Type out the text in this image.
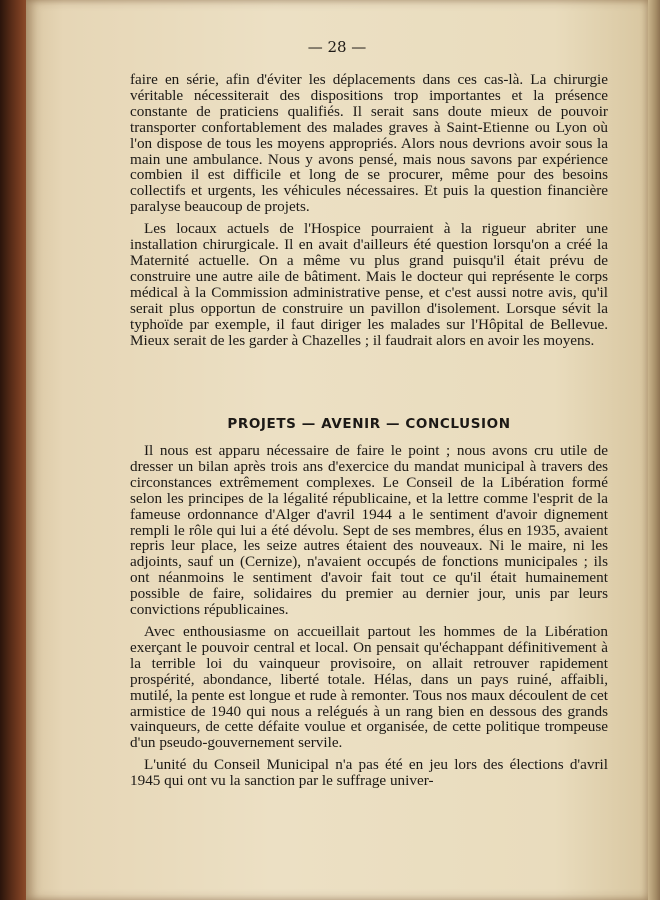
— 28 —

faire en série, afin d'éviter les déplacements dans ces cas-là. La chirurgie véritable nécessiterait des dispositions trop importantes et la présence constante de praticiens qualifiés. Il serait sans doute mieux de pouvoir transporter confortablement des malades graves à Saint-Etienne ou Lyon où l'on dispose de tous les moyens appropriés. Alors nous devrions avoir sous la main une ambulance. Nous y avons pensé, mais nous savons par expérience combien il est difficile et long de se procurer, même pour des besoins collectifs et urgents, les véhicules nécessaires. Et puis la question financière paralyse beaucoup de projets.

Les locaux actuels de l'Hospice pourraient à la rigueur abriter une installation chirurgicale. Il en avait d'ailleurs été question lorsqu'on a créé la Maternité actuelle. On a même vu plus grand puisqu'il était prévu de construire une autre aile de bâtiment. Mais le docteur qui représente le corps médical à la Commission administrative pense, et c'est aussi notre avis, qu'il serait plus opportun de construire un pavillon d'isolement. Lorsque sévit la typhoïde par exemple, il faut diriger les malades sur l'Hôpital de Bellevue. Mieux serait de les garder à Chazelles ; il faudrait alors en avoir les moyens.

PROJETS — AVENIR — CONCLUSION

Il nous est apparu nécessaire de faire le point ; nous avons cru utile de dresser un bilan après trois ans d'exercice du mandat municipal à travers des circonstances extrêmement complexes. Le Conseil de la Libération formé selon les principes de la légalité républicaine, et la lettre comme l'esprit de la fameuse ordonnance d'Alger d'avril 1944 a le sentiment d'avoir dignement rempli le rôle qui lui a été dévolu. Sept de ses membres, élus en 1935, avaient repris leur place, les seize autres étaient des nouveaux. Ni le maire, ni les adjoints, sauf un (Cernize), n'avaient occupés de fonctions municipales ; ils ont néanmoins le sentiment d'avoir fait tout ce qu'il était humainement possible de faire, solidaires du premier au dernier jour, unis par leurs convictions républicaines.

Avec enthousiasme on accueillait partout les hommes de la Libération exerçant le pouvoir central et local. On pensait qu'échappant définitivement à la terrible loi du vainqueur provisoire, on allait retrouver rapidement prospérité, abondance, liberté totale. Hélas, dans un pays ruiné, affaibli, mutilé, la pente est longue et rude à remonter. Tous nos maux découlent de cet armistice de 1940 qui nous a relégués à un rang bien en dessous des grands vainqueurs, de cette défaite voulue et organisée, de cette politique trompeuse d'un pseudo-gouvernement servile.

L'unité du Conseil Municipal n'a pas été en jeu lors des élections d'avril 1945 qui ont vu la sanction par le suffrage univer-
